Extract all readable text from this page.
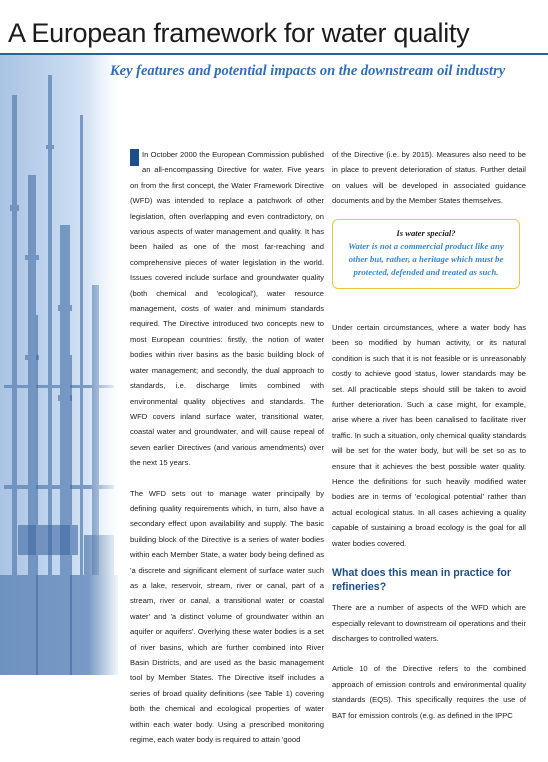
A European framework for water quality
Key features and potential impacts on the downstream oil industry

In October 2000 the European Commission published an all-encompassing Directive for water. Five years on from the first concept, the Water Framework Directive (WFD) was intended to replace a patchwork of other legislation, often overlapping and even contradictory, on various aspects of water management and quality. It has been hailed as one of the most far-reaching and comprehensive pieces of water legislation in the world. Issues covered include surface and groundwater quality (both chemical and 'ecological'), water resource management, costs of water and minimum standards required. The Directive introduced two concepts new to most European countries: firstly, the notion of water bodies within river basins as the basic building block of water management; and secondly, the dual approach to standards, i.e. discharge limits combined with environmental quality objectives and standards. The WFD covers inland surface water, transitional water, coastal water and groundwater, and will cause repeal of seven earlier Directives (and various amendments) over the next 15 years.

The WFD sets out to manage water principally by defining quality requirements which, in turn, also have a secondary effect upon availability and supply. The basic building block of the Directive is a series of water bodies within each Member State, a water body being defined as 'a discrete and significant element of surface water such as a lake, reservoir, stream, river or canal, part of a stream, river or canal, a transitional water or coastal water' and 'a distinct volume of groundwater within an aquifer or aquifers'. Overlying these water bodies is a set of river basins, which are further combined into River Basin Districts, and are used as the basic management tool by Member States. The Directive itself includes a series of broad quality definitions (see Table 1) covering both the chemical and ecological properties of water within each water body. Using a prescribed monitoring regime, each water body is required to attain 'good

of the Directive (i.e. by 2015). Measures also need to be in place to prevent deterioration of status. Further detail on values will be developed in associated guidance documents and by the Member States themselves.

Is water special?
Water is not a commercial product like any other but, rather, a heritage which must be protected, defended and treated as such.

Under certain circumstances, where a water body has been so modified by human activity, or its natural condition is such that it is not feasible or is unreasonably costly to achieve good status, lower standards may be set. All practicable steps should still be taken to avoid further deterioration. Such a case might, for example, arise where a river has been canalised to facilitate river traffic. In such a situation, only chemical quality standards will be set for the water body, but will be set so as to ensure that it achieves the best possible water quality. Hence the definitions for such heavily modified water bodies are in terms of 'ecological potential' rather than actual ecological status. In all cases achieving a quality capable of sustaining a broad ecology is the goal for all water bodies covered.

What does this mean in practice for refineries?

There are a number of aspects of the WFD which are especially relevant to downstream oil operations and their discharges to controlled waters.

Article 10 of the Directive refers to the combined approach of emission controls and environmental quality standards (EQS). This specifically requires the use of BAT for emission controls (e.g. as defined in the IPPC
